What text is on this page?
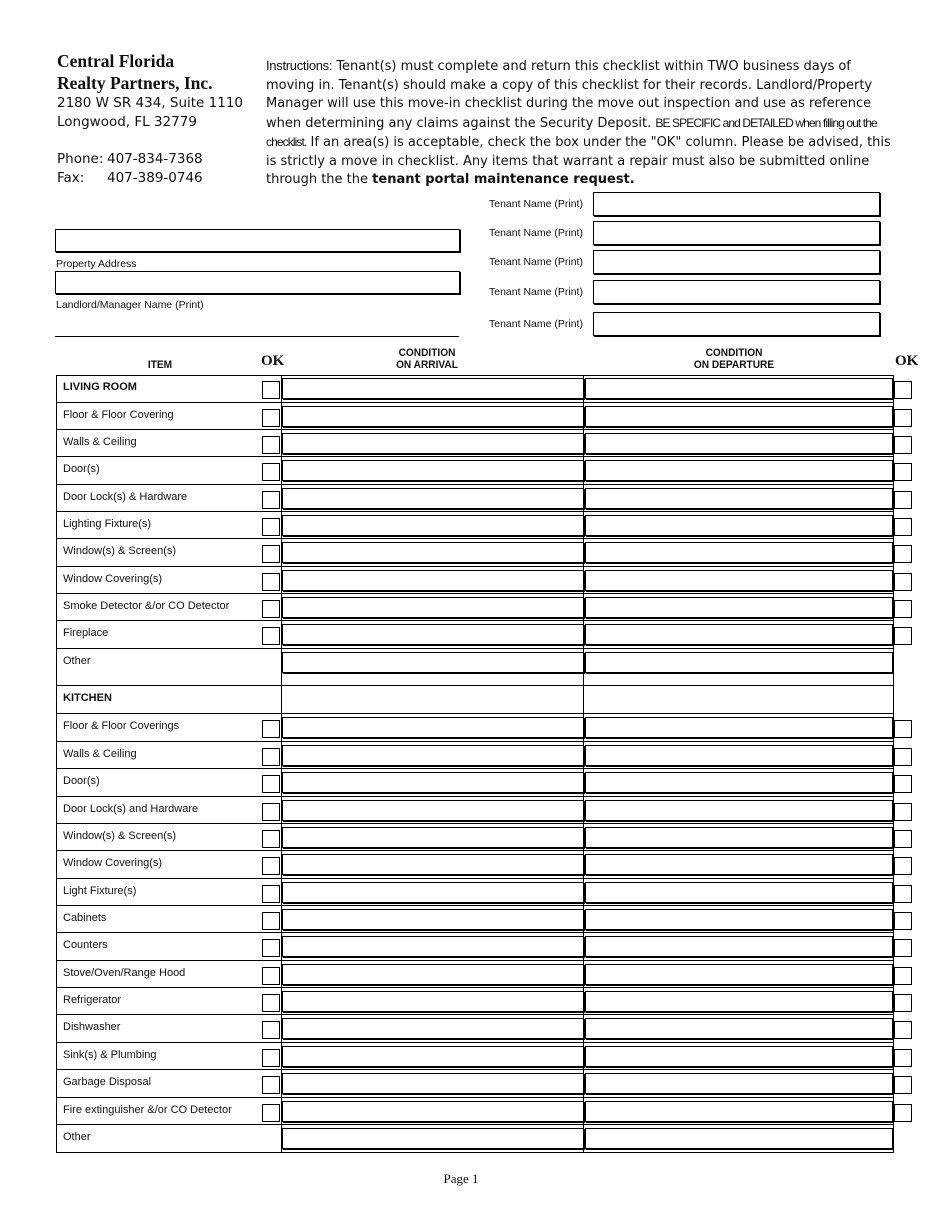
Central Florida
Realty Partners, Inc.
2180 W SR 434, Suite 1110
Longwood, FL 32779
Phone: 407-834-7368
Fax: 407-389-0746
Instructions: Tenant(s) must complete and return this checklist within TWO business days of moving in. Tenant(s) should make a copy of this checklist for their records. Landlord/Property Manager will use this move-in checklist during the move out inspection and use as reference when determining any claims against the Security Deposit. BE SPECIFIC and DETAILED when filling out the checklist. If an area(s) is acceptable, check the box under the "OK" column. Please be advised, this is strictly a move in checklist. Any items that warrant a repair must also be submitted online through the the tenant portal maintenance request.
Tenant Name (Print)
Tenant Name (Print)
Tenant Name (Print)
Tenant Name (Print)
Tenant Name (Print)
Property Address
Landlord/Manager Name (Print)
ITEM	OK	CONDITION
ON ARRIVAL
CONDITION
ON DEPARTURE	OK
LIVING ROOM
Floor & Floor Covering
Walls & Ceiling
Door(s)
Door Lock(s) & Hardware
Lighting Fixture(s)
Window(s) & Screen(s)
Window Covering(s)
Smoke Detector &/or CO Detector
Fireplace
Other
KITCHEN
Floor & Floor Coverings
Walls & Ceiling
Door(s)
Door Lock(s) and Hardware
Window(s) & Screen(s)
Window Covering(s)
Light Fixture(s)
Cabinets
Counters
Stove/Oven/Range Hood
Refrigerator
Dishwasher
Sink(s) & Plumbing
Garbage Disposal
Fire extinguisher &/or CO Detector
Other
Page 1
